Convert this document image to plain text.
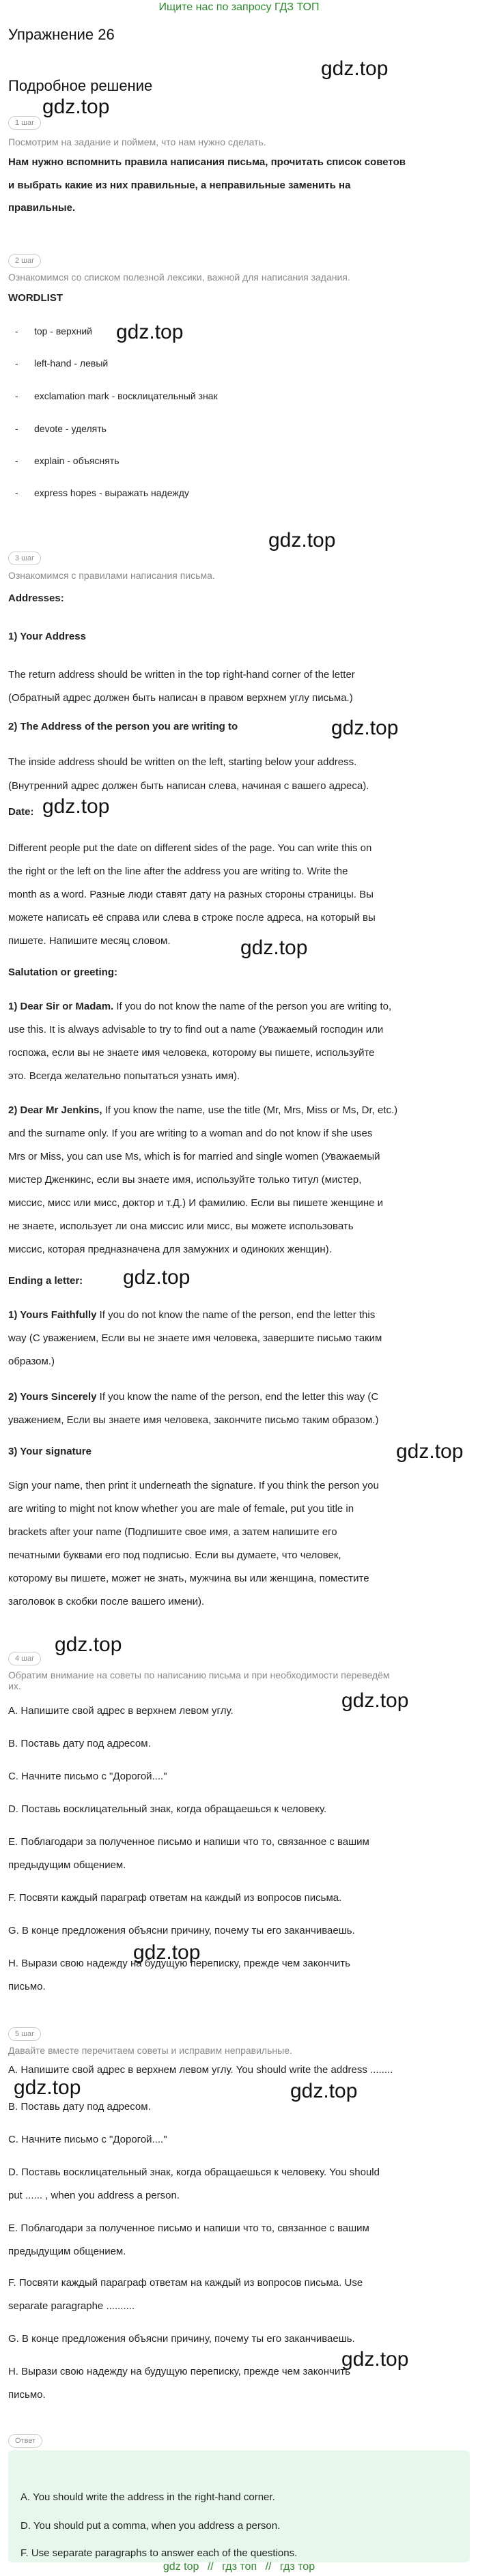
Ищите нас по запросу ГДЗ ТОП
Упражнение 26
Подробное решение
gdz.top
gdz.top
gdz.top
gdz.top
gdz.top
gdz.top
gdz.top
gdz.top
gdz.top
gdz.top
gdz.top
gdz.top
gdz.top	gdz.top
gdz.top
1 шаг
Посмотрим на задание и поймем, что нам нужно сделать.
Нам нужно вспомнить правила написания письма, прочитать список советов
и выбрать какие из них правильные, а неправильные заменить на
правильные.
2 шаг
Ознакомимся со списком полезной лексики, важной для написания задания.
WORDLIST
- top - верхний
- left-hand - левый
- exclamation mark - восклицательный знак
- devote - уделять
- explain - объяснять
- express hopes - выражать надежду
3 шаг
Ознакомимся с правилами написания письма.
Addresses:
1) Your Address
The return address should be written in the top right-hand corner of the letter
(Обратный адрес должен быть написан в правом верхнем углу письма.)
2) The Address of the person you are writing to
The inside address should be written on the left, starting below your address.
(Внутренний адрес должен быть написан слева, начиная с вашего адреса).
Date:
Different people put the date on different sides of the page. You can write this on
the right or the left on the line after the address you are writing to. Write the
month as a word. Разные люди ставят дату на разных стороны страницы. Вы
можете написать её справа или слева в строке после адреса, на который вы
пишете. Напишите месяц словом.
Salutation or greeting:
1) Dear Sir or Madam. If you do not know the name of the person you are writing to,
use this. It is always advisable to try to find out a name (Уважаемый господин или
госпожа, если вы не знаете имя человека, которому вы пишете, используйте
это. Всегда желательно попытаться узнать имя).
2) Dear Mr Jenkins, If you know the name, use the title (Mr, Mrs, Miss or Ms, Dr, etc.)
and the surname only. If you are writing to a woman and do not know if she uses
Mrs or Miss, you can use Ms, which is for married and single women (Уважаемый
мистер Дженкинс, если вы знаете имя, используйте только титул (мистер,
миссис, мисс или мисс, доктор и т.Д.) И фамилию. Если вы пишете женщине и
не знаете, использует ли она миссис или мисс, вы можете использовать
миссис, которая предназначена для замужних и одиноких женщин).
Ending a letter:
1) Yours Faithfully If you do not know the name of the person, end the letter this
way (С уважением, Если вы не знаете имя человека, завершите письмо таким
образом.)
2) Yours Sincerely If you know the name of the person, end the letter this way (С
уважением, Если вы знаете имя человека, закончите письмо таким образом.)
3) Your signature
Sign your name, then print it underneath the signature. If you think the person you
are writing to might not know whether you are male of female, put you title in
brackets after your name (Подпишите свое имя, а затем напишите его
печатными буквами его под подписью. Если вы думаете, что человек,
которому вы пишете, может не знать, мужчина вы или женщина, поместите
заголовок в скобки после вашего имени).
4 шаг
Обратим внимание на советы по написанию письма и при необходимости переведём
их.
A. Напишите свой адрес в верхнем левом углу.
B. Поставь дату под адресом.
C. Начните письмо с "Дорогой...."
D. Поставь восклицательный знак, когда обращаешься к человеку.
E. Поблагодари за полученное письмо и напиши что то, связанное с вашим
предыдущим общением.
F. Посвяти каждый параграф ответам на каждый из вопросов письма.
G. В конце предложения объясни причину, почему ты его заканчиваешь.
H. Вырази свою надежду на будущую переписку, прежде чем закончить
письмо.
5 шаг
Давайте вместе перечитаем советы и исправим неправильные.
A. Напишите свой адрес в верхнем левом углу. You should write the address ........
B. Поставь дату под адресом.
C. Начните письмо с "Дорогой...."
D. Поставь восклицательный знак, когда обращаешься к человеку. You should
put ...... , when you address a person.
E. Поблагодари за полученное письмо и напиши что то, связанное с вашим
предыдущим общением.
F. Посвяти каждый параграф ответам на каждый из вопросов письма. Use
separate paragraphe ..........
G. В конце предложения объясни причину, почему ты его заканчиваешь.
H. Вырази свою надежду на будущую переписку, прежде чем закончить
письмо.
Ответ
A. You should write the address in the right-hand corner.
D. You should put a comma, when you address a person.
F. Use separate paragraphs to answer each of the questions.
gdz top // гдз топ // гдз тор
